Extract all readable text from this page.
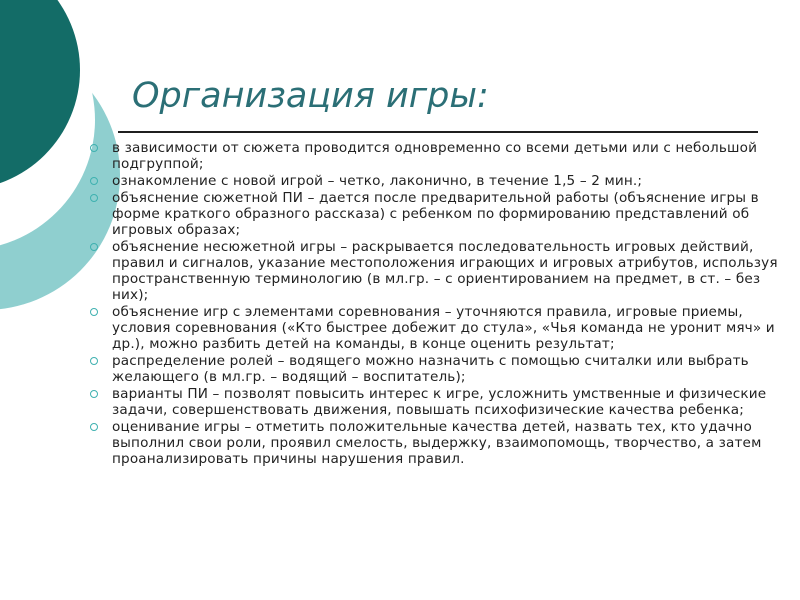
Организация игры:
в зависимости от сюжета проводится одновременно со всеми детьми или с небольшой подгруппой;
ознакомление с новой игрой – четко, лаконично, в течение 1,5 – 2 мин.;
объяснение сюжетной ПИ – дается после предварительной работы (объяснение игры в форме краткого образного рассказа) с ребенком по формированию представлений об игровых образах;
объяснение несюжетной игры – раскрывается последовательность игровых действий, правил и сигналов, указание местоположения играющих и игровых атрибутов, используя пространственную терминологию (в мл.гр. – с ориентированием на предмет, в ст. – без них);
объяснение игр с элементами соревнования – уточняются правила, игровые приемы, условия соревнования («Кто быстрее добежит до стула», «Чья команда не уронит мяч» и др.), можно разбить детей на команды, в конце оценить результат;
распределение ролей – водящего можно назначить с помощью считалки или выбрать желающего (в мл.гр. – водящий – воспитатель);
варианты ПИ – позволят повысить интерес к игре, усложнить умственные и физические задачи, совершенствовать движения, повышать психофизические качества ребенка;
оценивание игры – отметить положительные качества детей, назвать тех, кто удачно выполнил свои роли, проявил смелость, выдержку, взаимопомощь, творчество, а затем проанализировать причины нарушения правил.
